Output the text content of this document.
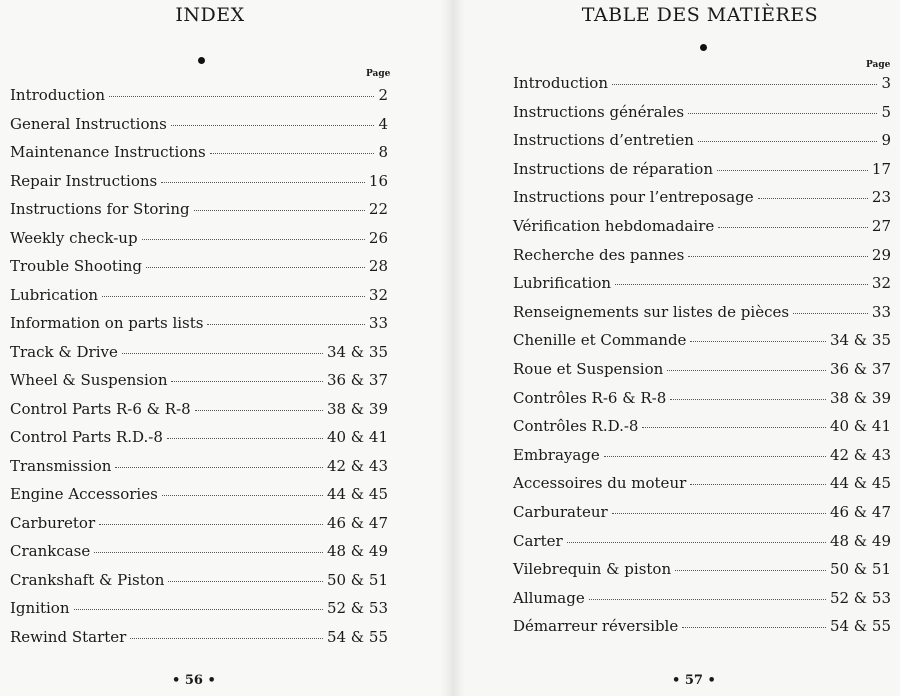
INDEX
Page
Introduction	2
General Instructions	4
Maintenance Instructions	8
Repair Instructions	16
Instructions for Storing	22
Weekly check-up	26
Trouble Shooting	28
Lubrication	32
Information on parts lists	33
Track & Drive	34 & 35
Wheel & Suspension	36 & 37
Control Parts R-6 & R-8	38 & 39
Control Parts R.D.-8	40 & 41
Transmission	42 & 43
Engine Accessories	44 & 45
Carburetor	46 & 47
Crankcase	48 & 49
Crankshaft & Piston	50 & 51
Ignition	52 & 53
Rewind Starter	54 & 55
• 56 •
TABLE DES MATIÈRES
Page
Introduction	3
Instructions générales	5
Instructions d’entretien	9
Instructions de réparation	17
Instructions pour l’entreposage	23
Vérification hebdomadaire	27
Recherche des pannes	29
Lubrification	32
Renseignements sur listes de pièces	33
Chenille et Commande	34 & 35
Roue et Suspension	36 & 37
Contrôles R-6 & R-8	38 & 39
Contrôles R.D.-8	40 & 41
Embrayage	42 & 43
Accessoires du moteur	44 & 45
Carburateur	46 & 47
Carter	48 & 49
Vilebrequin & piston	50 & 51
Allumage	52 & 53
Démarreur réversible	54 & 55
• 57 •
